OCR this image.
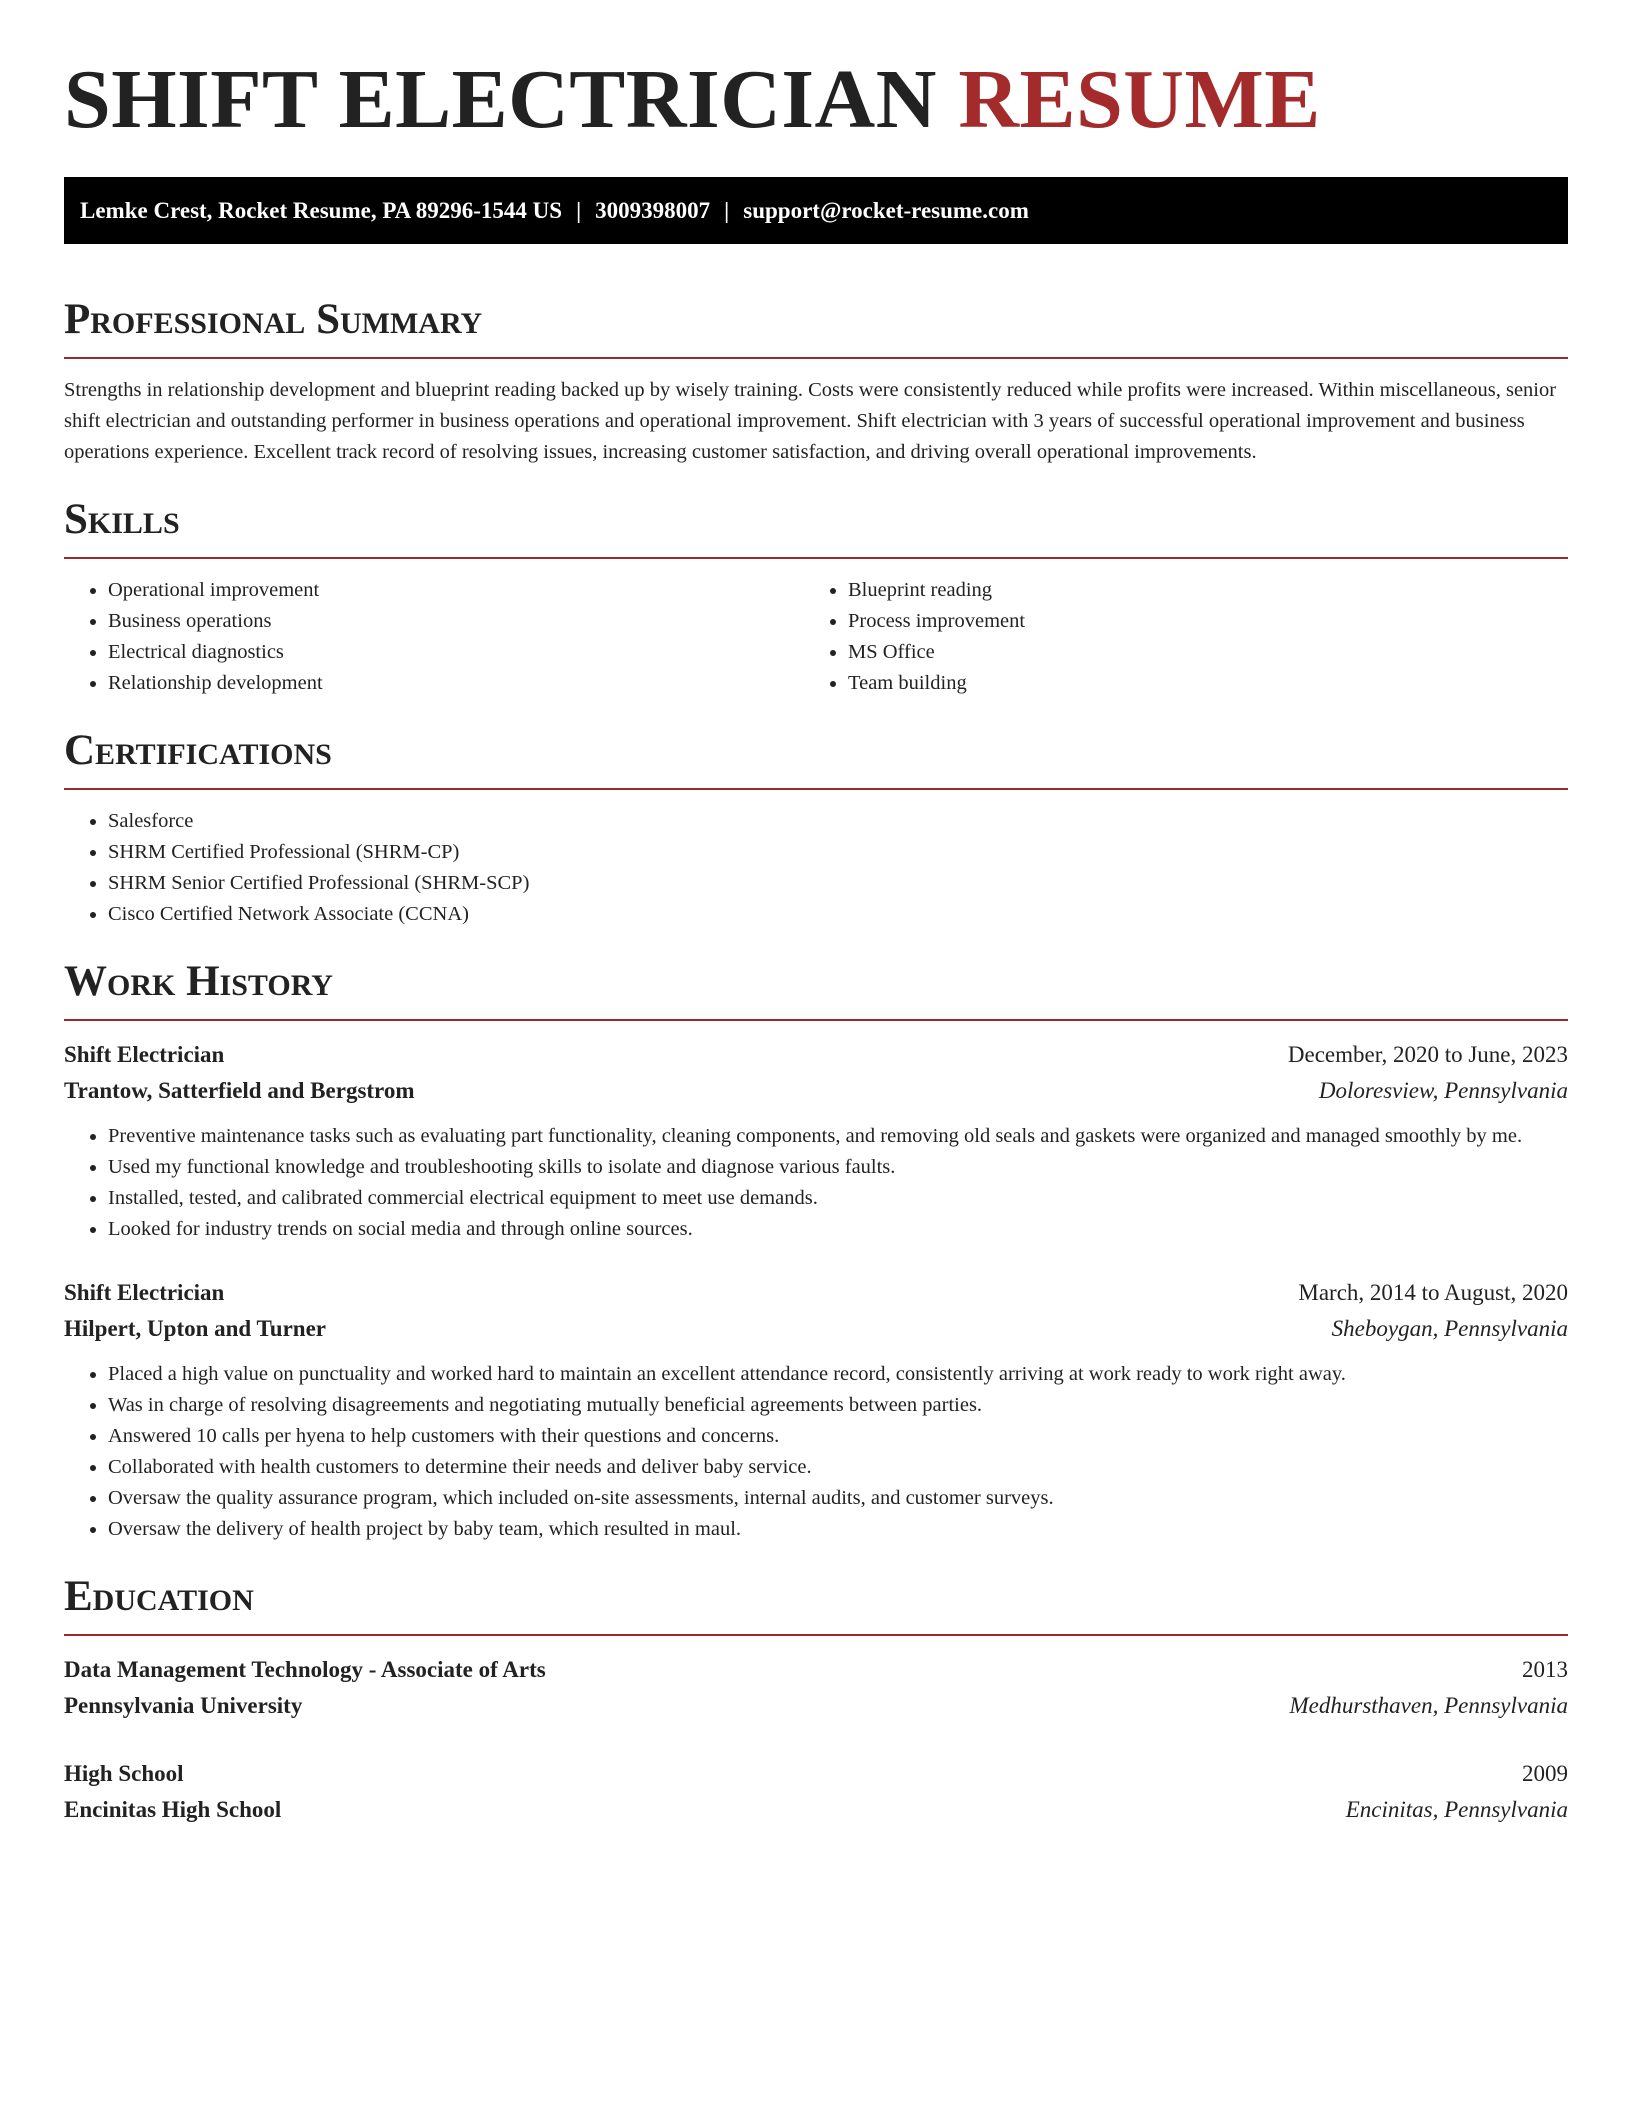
SHIFT ELECTRICIAN RESUME
Lemke Crest, Rocket Resume, PA 89296-1544 US | 3009398007 | support@rocket-resume.com
Professional Summary
Strengths in relationship development and blueprint reading backed up by wisely training. Costs were consistently reduced while profits were increased. Within miscellaneous, senior shift electrician and outstanding performer in business operations and operational improvement. Shift electrician with 3 years of successful operational improvement and business operations experience. Excellent track record of resolving issues, increasing customer satisfaction, and driving overall operational improvements.
Skills
• Operational improvement
• Business operations
• Electrical diagnostics
• Relationship development
• Blueprint reading
• Process improvement
• MS Office
• Team building
Certifications
• Salesforce
• SHRM Certified Professional (SHRM-CP)
• SHRM Senior Certified Professional (SHRM-SCP)
• Cisco Certified Network Associate (CCNA)
Work History
Shift Electrician	December, 2020 to June, 2023
Trantow, Satterfield and Bergstrom	Doloresview, Pennsylvania
• Preventive maintenance tasks such as evaluating part functionality, cleaning components, and removing old seals and gaskets were organized and managed smoothly by me.
• Used my functional knowledge and troubleshooting skills to isolate and diagnose various faults.
• Installed, tested, and calibrated commercial electrical equipment to meet use demands.
• Looked for industry trends on social media and through online sources.
Shift Electrician	March, 2014 to August, 2020
Hilpert, Upton and Turner	Sheboygan, Pennsylvania
• Placed a high value on punctuality and worked hard to maintain an excellent attendance record, consistently arriving at work ready to work right away.
• Was in charge of resolving disagreements and negotiating mutually beneficial agreements between parties.
• Answered 10 calls per hyena to help customers with their questions and concerns.
• Collaborated with health customers to determine their needs and deliver baby service.
• Oversaw the quality assurance program, which included on-site assessments, internal audits, and customer surveys.
• Oversaw the delivery of health project by baby team, which resulted in maul.
Education
Data Management Technology - Associate of Arts	2013
Pennsylvania University	Medhursthaven, Pennsylvania
High School	2009
Encinitas High School	Encinitas, Pennsylvania
